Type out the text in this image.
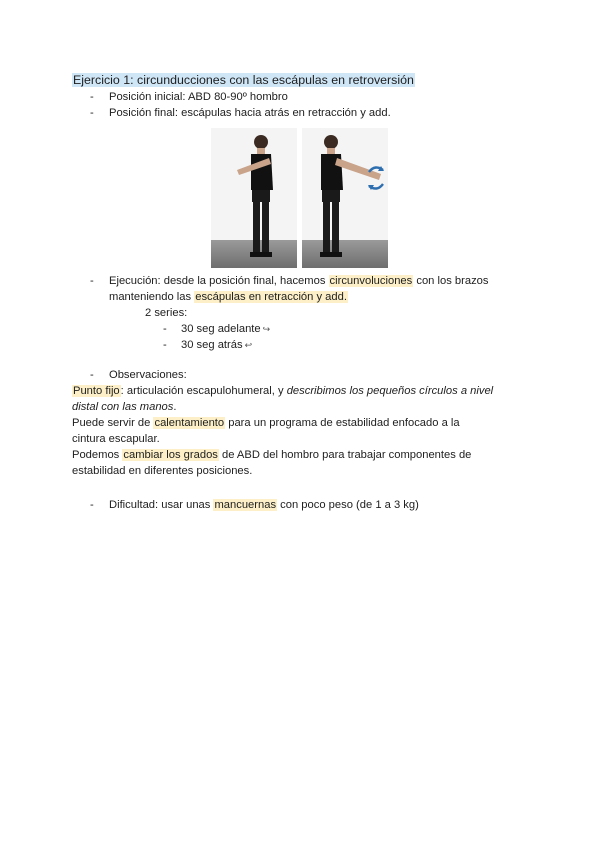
Ejercicio 1: circunducciones con las escápulas en retroversión
- Posición inicial: ABD 80-90º hombro
- Posición final: escápulas hacia atrás en retracción y add.
- Ejecución: desde la posición final, hacemos circunvoluciones con los brazos
manteniendo las escápulas en retracción y add.
2 series:
- 30 seg adelante ↪
- 30 seg atrás ↩
- Observaciones:
Punto fijo: articulación escapulohumeral, y describimos los pequeños círculos a nivel
distal con las manos.
Puede servir de calentamiento para un programa de estabilidad enfocado a la
cintura escapular.
Podemos cambiar los grados de ABD del hombro para trabajar componentes de
estabilidad en diferentes posiciones.
- Dificultad: usar unas mancuernas con poco peso (de 1 a 3 kg)
